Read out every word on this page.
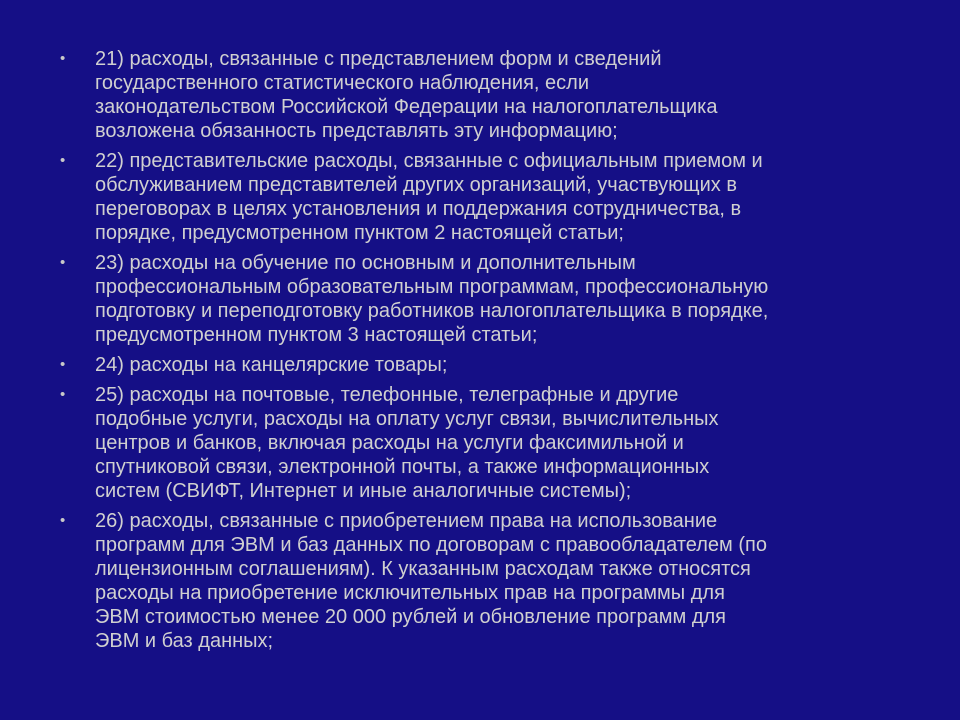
• 21) расходы, связанные с представлением форм и сведений
государственного статистического наблюдения, если
законодательством Российской Федерации на налогоплательщика
возложена обязанность представлять эту информацию;
• 22) представительские расходы, связанные с официальным приемом и
обслуживанием представителей других организаций, участвующих в
переговорах в целях установления и поддержания сотрудничества, в
порядке, предусмотренном пунктом 2 настоящей статьи;
• 23) расходы на обучение по основным и дополнительным
профессиональным образовательным программам, профессиональную
подготовку и переподготовку работников налогоплательщика в порядке,
предусмотренном пунктом 3 настоящей статьи;
• 24) расходы на канцелярские товары;
• 25) расходы на почтовые, телефонные, телеграфные и другие
подобные услуги, расходы на оплату услуг связи, вычислительных
центров и банков, включая расходы на услуги факсимильной и
спутниковой связи, электронной почты, а также информационных
систем (СВИФТ, Интернет и иные аналогичные системы);
• 26) расходы, связанные с приобретением права на использование
программ для ЭВМ и баз данных по договорам с правообладателем (по
лицензионным соглашениям). К указанным расходам также относятся
расходы на приобретение исключительных прав на программы для
ЭВМ стоимостью менее 20 000 рублей и обновление программ для
ЭВМ и баз данных;
